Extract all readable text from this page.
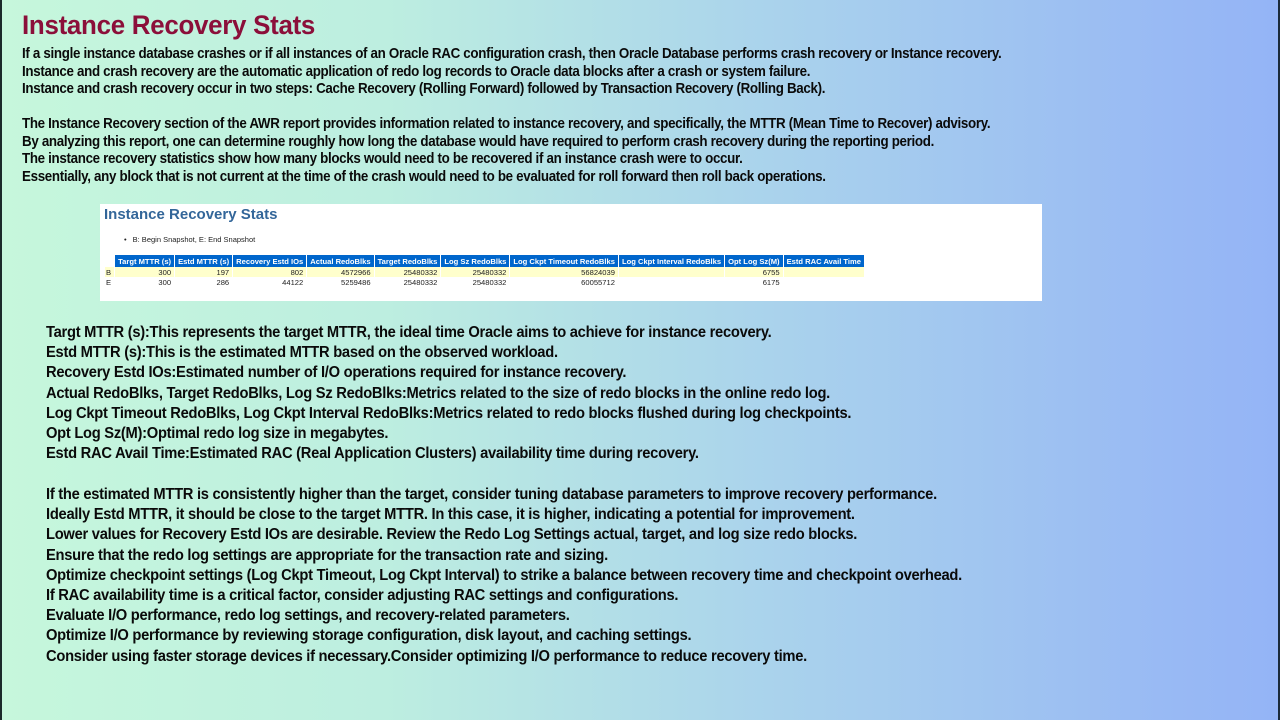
Instance Recovery Stats
If a single instance database crashes or if all instances of an Oracle RAC configuration crash, then Oracle Database performs crash recovery or Instance recovery.
Instance and crash recovery are the automatic application of redo log records to Oracle data blocks after a crash or system failure.
Instance and crash recovery occur in two steps: Cache Recovery (Rolling Forward) followed by Transaction Recovery (Rolling Back).
The Instance Recovery section of the AWR report provides information related to instance recovery, and specifically, the MTTR (Mean Time to Recover) advisory.
By analyzing this report, one can determine roughly how long the database would have required to perform crash recovery during the reporting period.
The instance recovery statistics show how many blocks would need to be recovered if an instance crash were to occur.
Essentially, any block that is not current at the time of the crash would need to be evaluated for roll forward then roll back operations.
Instance Recovery Stats
• B: Begin Snapshot, E: End Snapshot
	Targt MTTR (s)	Estd MTTR (s)	Recovery Estd IOs	Actual RedoBlks	Target RedoBlks	Log Sz RedoBlks	Log Ckpt Timeout RedoBlks	Log Ckpt Interval RedoBlks	Opt Log Sz(M)	Estd RAC Avail Time
B	300	197	802	4572966	25480332	25480332	56824039		6755	
E	300	286	44122	5259486	25480332	25480332	60055712		6175	
Targt MTTR (s):This represents the target MTTR, the ideal time Oracle aims to achieve for instance recovery.
Estd MTTR (s):This is the estimated MTTR based on the observed workload.
Recovery Estd IOs:Estimated number of I/O operations required for instance recovery.
Actual RedoBlks, Target RedoBlks, Log Sz RedoBlks:Metrics related to the size of redo blocks in the online redo log.
Log Ckpt Timeout RedoBlks, Log Ckpt Interval RedoBlks:Metrics related to redo blocks flushed during log checkpoints.
Opt Log Sz(M):Optimal redo log size in megabytes.
Estd RAC Avail Time:Estimated RAC (Real Application Clusters) availability time during recovery.
If the estimated MTTR is consistently higher than the target, consider tuning database parameters to improve recovery performance.
Ideally Estd MTTR, it should be close to the target MTTR. In this case, it is higher, indicating a potential for improvement.
Lower values for Recovery Estd IOs are desirable. Review the Redo Log Settings actual, target, and log size redo blocks.
Ensure that the redo log settings are appropriate for the transaction rate and sizing.
Optimize checkpoint settings (Log Ckpt Timeout, Log Ckpt Interval) to strike a balance between recovery time and checkpoint overhead.
If RAC availability time is a critical factor, consider adjusting RAC settings and configurations.
Evaluate I/O performance, redo log settings, and recovery-related parameters.
Optimize I/O performance by reviewing storage configuration, disk layout, and caching settings.
Consider using faster storage devices if necessary.Consider optimizing I/O performance to reduce recovery time.
